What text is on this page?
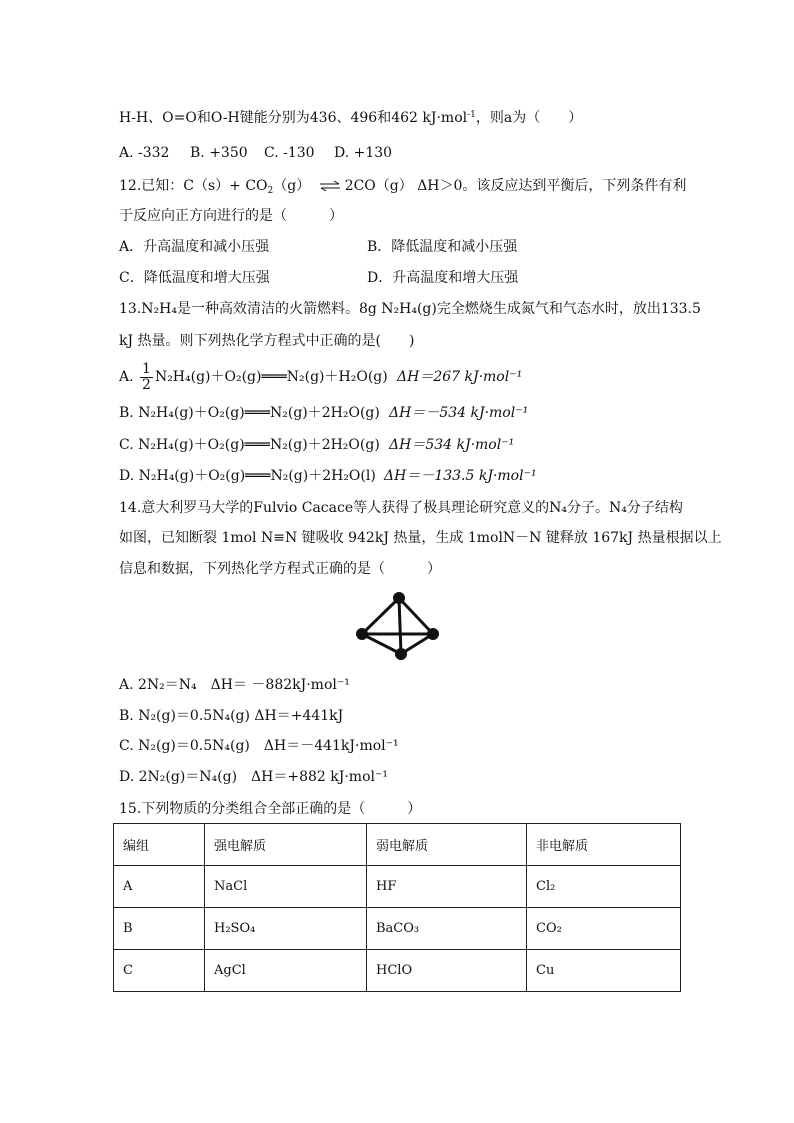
H-H、O=O和O-H键能分别为436、496和462 kJ·mol$^{-1}$，则a为（　　）
A. -332 B. +350 C. -130 D. +130
12.已知：$C(s)+ CO_2(g)$ ⇌ 2CO（g） ΔH＞0。该反应达到平衡后，下列条件有利
于反应向正方向进行的是（　　　）
A．升高温度和减小压强	B．降低温度和减小压强
C．降低温度和增大压强	D．升高温度和增大压强
13.N₂H₄是一种高效清洁的火箭燃料。8g N₂H₄(g)完全燃烧生成氮气和气态水时，放出133.5
kJ 热量。则下列热化学方程式中正确的是(　　)
A. $\frac{1}{2}$ N₂H₄(g)＋O₂(g)═══N₂(g)＋H₂O(g) ΔH＝267 kJ·mol⁻¹
B. N₂H₄(g)＋O₂(g)═══N₂(g)＋2H₂O(g) ΔH＝－534 kJ·mol⁻¹
C. N₂H₄(g)＋O₂(g)═══N₂(g)＋2H₂O(g) ΔH＝534 kJ·mol⁻¹
D. N₂H₄(g)＋O₂(g)═══N₂(g)＋2H₂O(l) ΔH＝－133.5 kJ·mol⁻¹
14.意大利罗马大学的Fulvio Cacace等人获得了极具理论研究意义的N₄分子。N₄分子结构
如图，已知断裂 1mol N≡N 键吸收 942kJ 热量，生成 1molN－N 键释放 167kJ 热量根据以上
信息和数据，下列热化学方程式正确的是（　　　）
A. 2N₂＝N₄　ΔH＝ －882kJ·mol⁻¹
B. N₂(g)＝0.5N₄(g) ΔH＝+441kJ
C. N₂(g)＝0.5N₄(g)　ΔH＝－441kJ·mol⁻¹
D. 2N₂(g)＝N₄(g)　ΔH＝+882 kJ·mol⁻¹
15.下列物质的分类组合全部正确的是（　　　）
编组	强电解质	弱电解质	非电解质
A	NaCl	HF	Cl₂
B	H₂SO₄	BaCO₃	CO₂
C	AgCl	HClO	Cu
